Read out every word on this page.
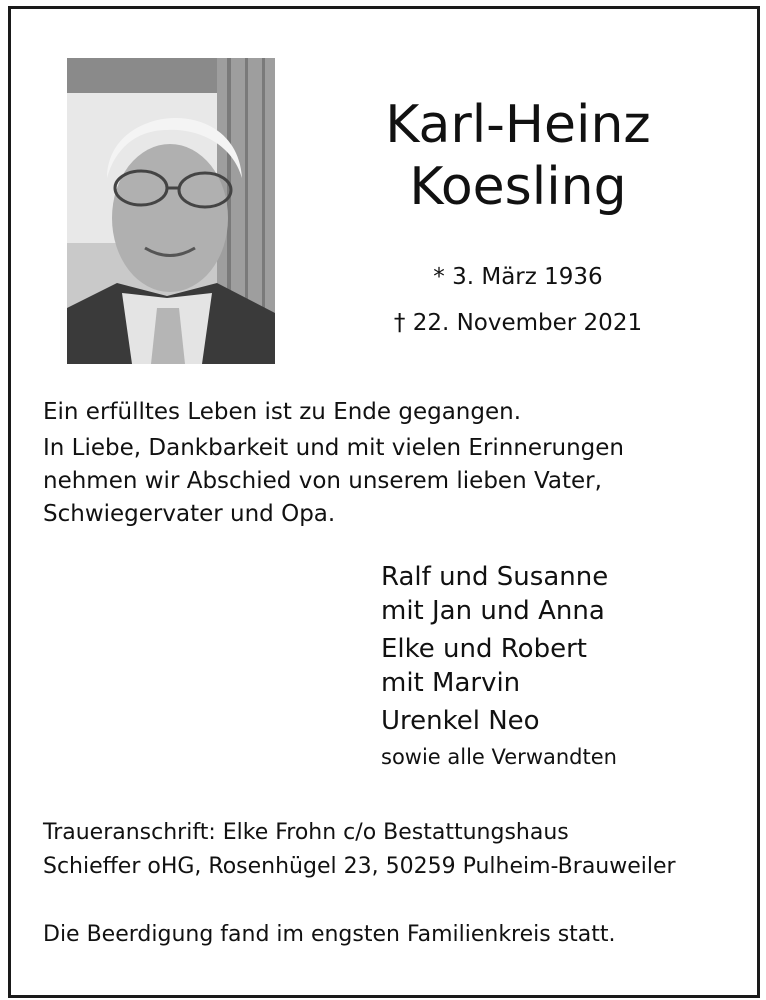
Karl-Heinz
Koesling
* 3. März 1936
† 22. November 2021
Ein erfülltes Leben ist zu Ende gegangen.
In Liebe, Dankbarkeit und mit vielen Erinnerungen
nehmen wir Abschied von unserem lieben Vater,
Schwiegervater und Opa.
Ralf und Susanne
mit Jan und Anna
Elke und Robert
mit Marvin
Urenkel Neo
sowie alle Verwandten
Traueranschrift: Elke Frohn c/o Bestattungshaus
Schieffer oHG, Rosenhügel 23, 50259 Pulheim-Brauweiler
Die Beerdigung fand im engsten Familienkreis statt.
